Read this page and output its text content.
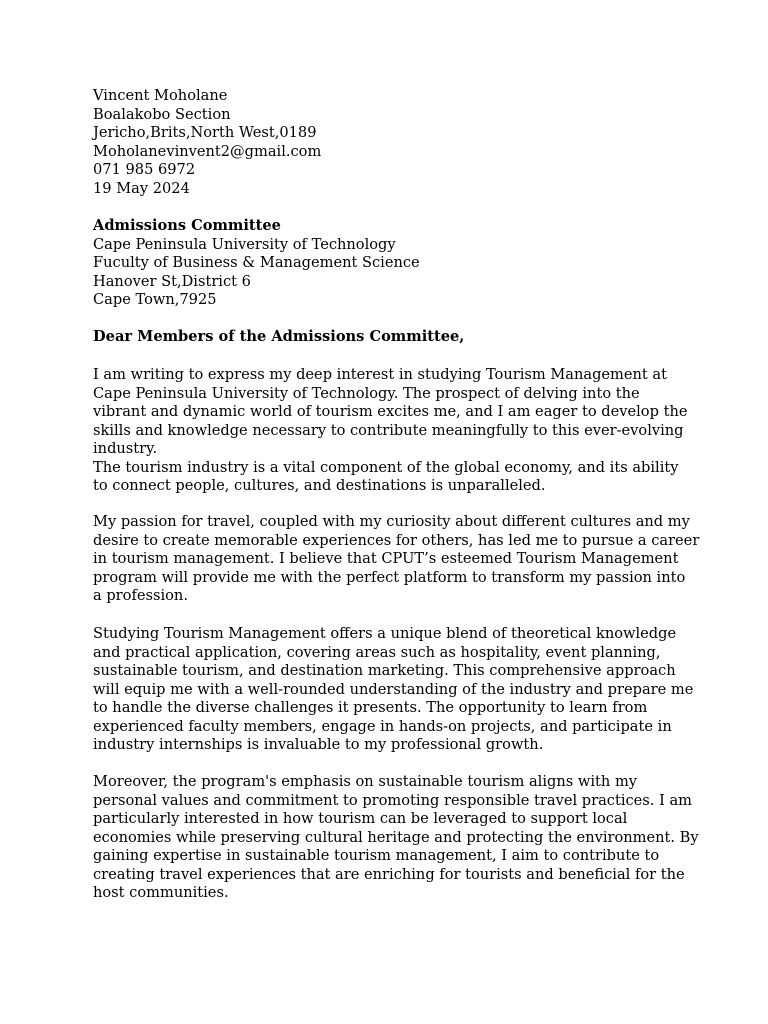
Vincent Moholane
Boalakobo Section
Jericho,Brits,North West,0189
Moholanevinvent2@gmail.com
071 985 6972
19 May 2024
Admissions Committee
Cape Peninsula University of Technology
Fuculty of Business & Management Science
Hanover St,District 6
Cape Town,7925
Dear Members of the Admissions Committee,
I am writing to express my deep interest in studying Tourism Management at
Cape Peninsula University of Technology. The prospect of delving into the
vibrant and dynamic world of tourism excites me, and I am eager to develop the
skills and knowledge necessary to contribute meaningfully to this ever-evolving
industry.
The tourism industry is a vital component of the global economy, and its ability
to connect people, cultures, and destinations is unparalleled.
My passion for travel, coupled with my curiosity about different cultures and my
desire to create memorable experiences for others, has led me to pursue a career
in tourism management. I believe that CPUT’s esteemed Tourism Management
program will provide me with the perfect platform to transform my passion into
a profession.
Studying Tourism Management offers a unique blend of theoretical knowledge
and practical application, covering areas such as hospitality, event planning,
sustainable tourism, and destination marketing. This comprehensive approach
will equip me with a well-rounded understanding of the industry and prepare me
to handle the diverse challenges it presents. The opportunity to learn from
experienced faculty members, engage in hands-on projects, and participate in
industry internships is invaluable to my professional growth.
Moreover, the program's emphasis on sustainable tourism aligns with my
personal values and commitment to promoting responsible travel practices. I am
particularly interested in how tourism can be leveraged to support local
economies while preserving cultural heritage and protecting the environment. By
gaining expertise in sustainable tourism management, I aim to contribute to
creating travel experiences that are enriching for tourists and beneficial for the
host communities.
